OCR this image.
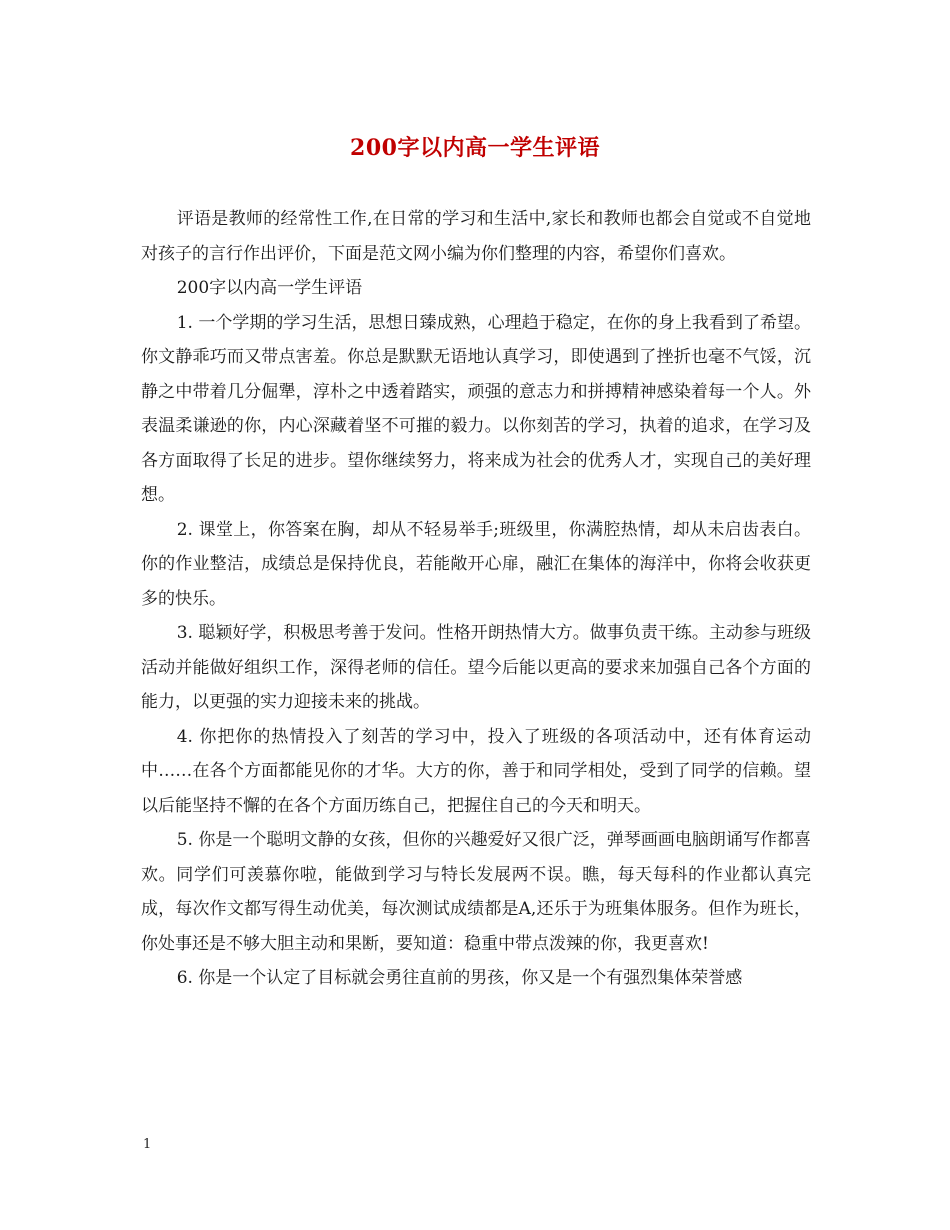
200字以内高一学生评语

评语是教师的经常性工作,在日常的学习和生活中,家长和教师也都会自觉或不自觉地对孩子的言行作出评价，下面是范文网小编为你们整理的内容，希望你们喜欢。

200字以内高一学生评语

1. 一个学期的学习生活，思想日臻成熟，心理趋于稳定，在你的身上我看到了希望。你文静乖巧而又带点害羞。你总是默默无语地认真学习，即使遇到了挫折也毫不气馁，沉静之中带着几分倔犟，淳朴之中透着踏实，顽强的意志力和拼搏精神感染着每一个人。外表温柔谦逊的你，内心深藏着坚不可摧的毅力。以你刻苦的学习，执着的追求，在学习及各方面取得了长足的进步。望你继续努力，将来成为社会的优秀人才，实现自己的美好理想。

2. 课堂上，你答案在胸，却从不轻易举手;班级里，你满腔热情，却从未启齿表白。你的作业整洁，成绩总是保持优良，若能敞开心扉，融汇在集体的海洋中，你将会收获更多的快乐。

3. 聪颖好学，积极思考善于发问。性格开朗热情大方。做事负责干练。主动参与班级活动并能做好组织工作，深得老师的信任。望今后能以更高的要求来加强自己各个方面的能力，以更强的实力迎接未来的挑战。

4. 你把你的热情投入了刻苦的学习中，投入了班级的各项活动中，还有体育运动中……在各个方面都能见你的才华。大方的你，善于和同学相处，受到了同学的信赖。望以后能坚持不懈的在各个方面历练自己，把握住自己的今天和明天。

5. 你是一个聪明文静的女孩，但你的兴趣爱好又很广泛，弹琴画画电脑朗诵写作都喜欢。同学们可羡慕你啦，能做到学习与特长发展两不误。瞧，每天每科的作业都认真完成，每次作文都写得生动优美，每次测试成绩都是A,还乐于为班集体服务。但作为班长，你处事还是不够大胆主动和果断，要知道：稳重中带点泼辣的你，我更喜欢!

6. 你是一个认定了目标就会勇往直前的男孩，你又是一个有强烈集体荣誉感

1
